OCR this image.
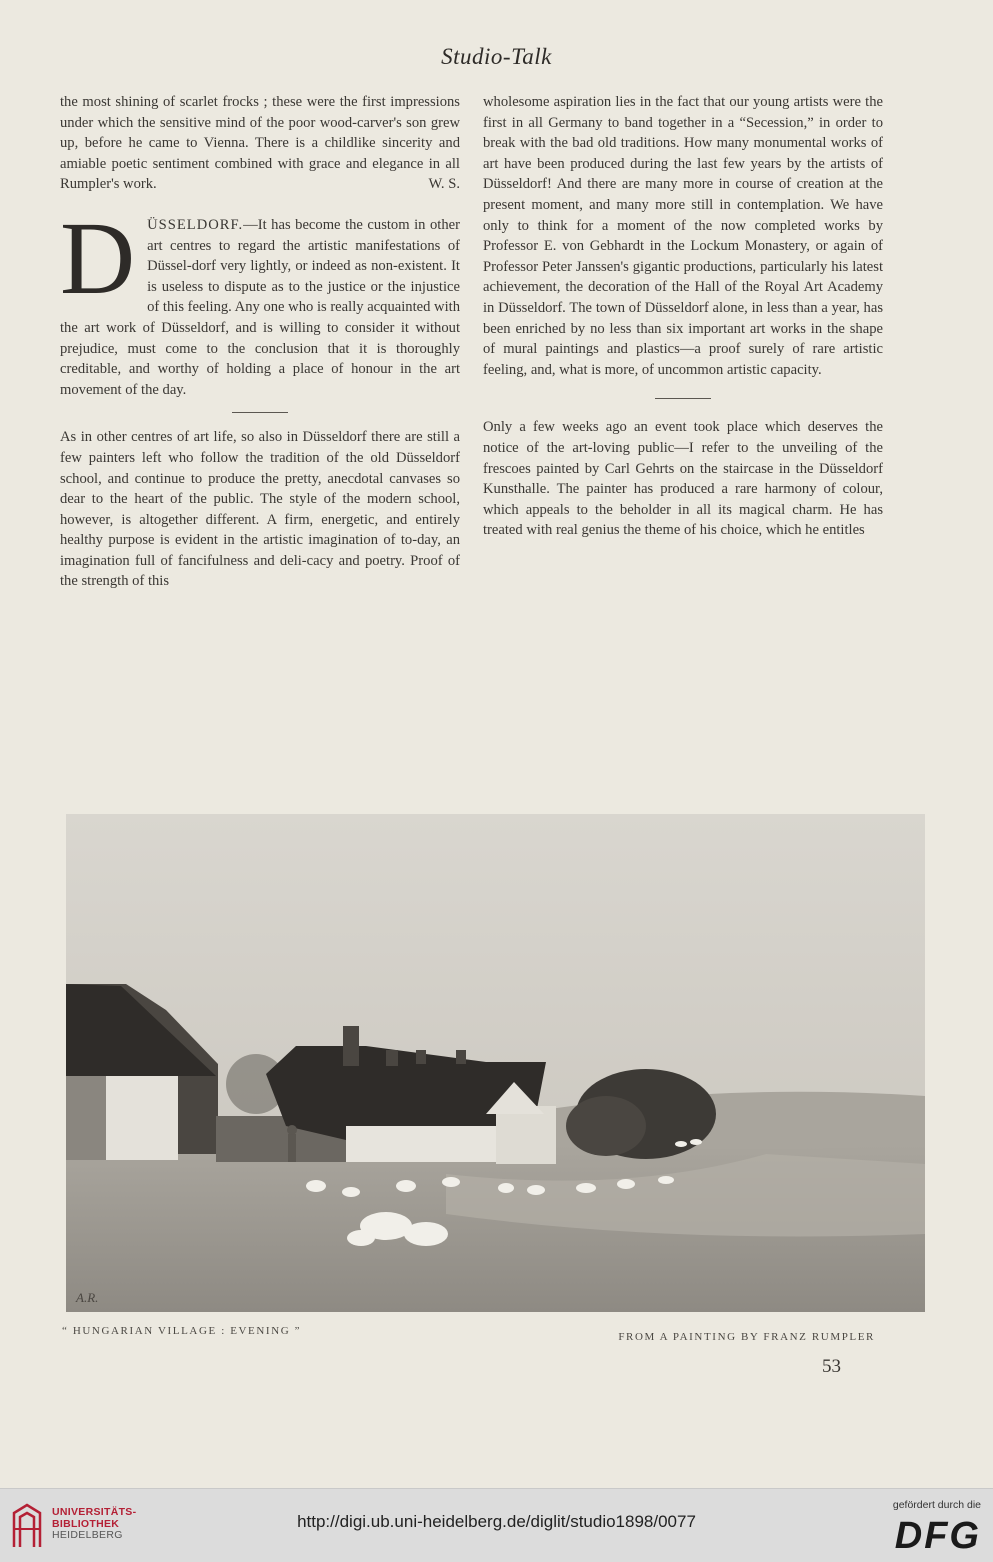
Studio-Talk

the most shining of scarlet frocks ; these were the first impressions under which the sensitive mind of the poor wood-carver's son grew up, before he came to Vienna. There is a childlike sincerity and amiable poetic sentiment combined with grace and elegance in all Rumpler's work.	W. S.

DÜSSELDORF.—It has become the custom in other art centres to regard the artistic manifestations of Düssel-dorf very lightly, or indeed as non-existent. It is useless to dispute as to the justice or the injustice of this feeling. Any one who is really acquainted with the art work of Düsseldorf, and is willing to consider it without prejudice, must come to the conclusion that it is thoroughly creditable, and worthy of holding a place of honour in the art movement of the day.

As in other centres of art life, so also in Düsseldorf there are still a few painters left who follow the tradition of the old Düsseldorf school, and continue to produce the pretty, anecdotal canvases so dear to the heart of the public. The style of the modern school, however, is altogether different. A firm, energetic, and entirely healthy purpose is evident in the artistic imagination of to-day, an imagination full of fancifulness and deli-cacy and poetry. Proof of the strength of this

wholesome aspiration lies in the fact that our young artists were the first in all Germany to band together in a “Secession,” in order to break with the bad old traditions. How many monumental works of art have been produced during the last few years by the artists of Düsseldorf! And there are many more in course of creation at the present moment, and many more still in contemplation. We have only to think for a moment of the now completed works by Professor E. von Gebhardt in the Lockum Monastery, or again of Professor Peter Janssen's gigantic productions, particularly his latest achievement, the decoration of the Hall of the Royal Art Academy in Düsseldorf. The town of Düsseldorf alone, in less than a year, has been enriched by no less than six important art works in the shape of mural paintings and plastics—a proof surely of rare artistic feeling, and, what is more, of uncommon artistic capacity.

Only a few weeks ago an event took place which deserves the notice of the art-loving public—I refer to the unveiling of the frescoes painted by Carl Gehrts on the staircase in the Düsseldorf Kunsthalle. The painter has produced a rare harmony of colour, which appeals to the beholder in all its magical charm. He has treated with real genius the theme of his choice, which he entitles

A.R.
“ HUNGARIAN VILLAGE : EVENING ”	FROM A PAINTING BY FRANZ RUMPLER
53
UNIVERSITÄTS-
BIBLIOTHEK
HEIDELBERG
http://digi.ub.uni-heidelberg.de/diglit/studio1898/0077
gefördert durch die
DFG
